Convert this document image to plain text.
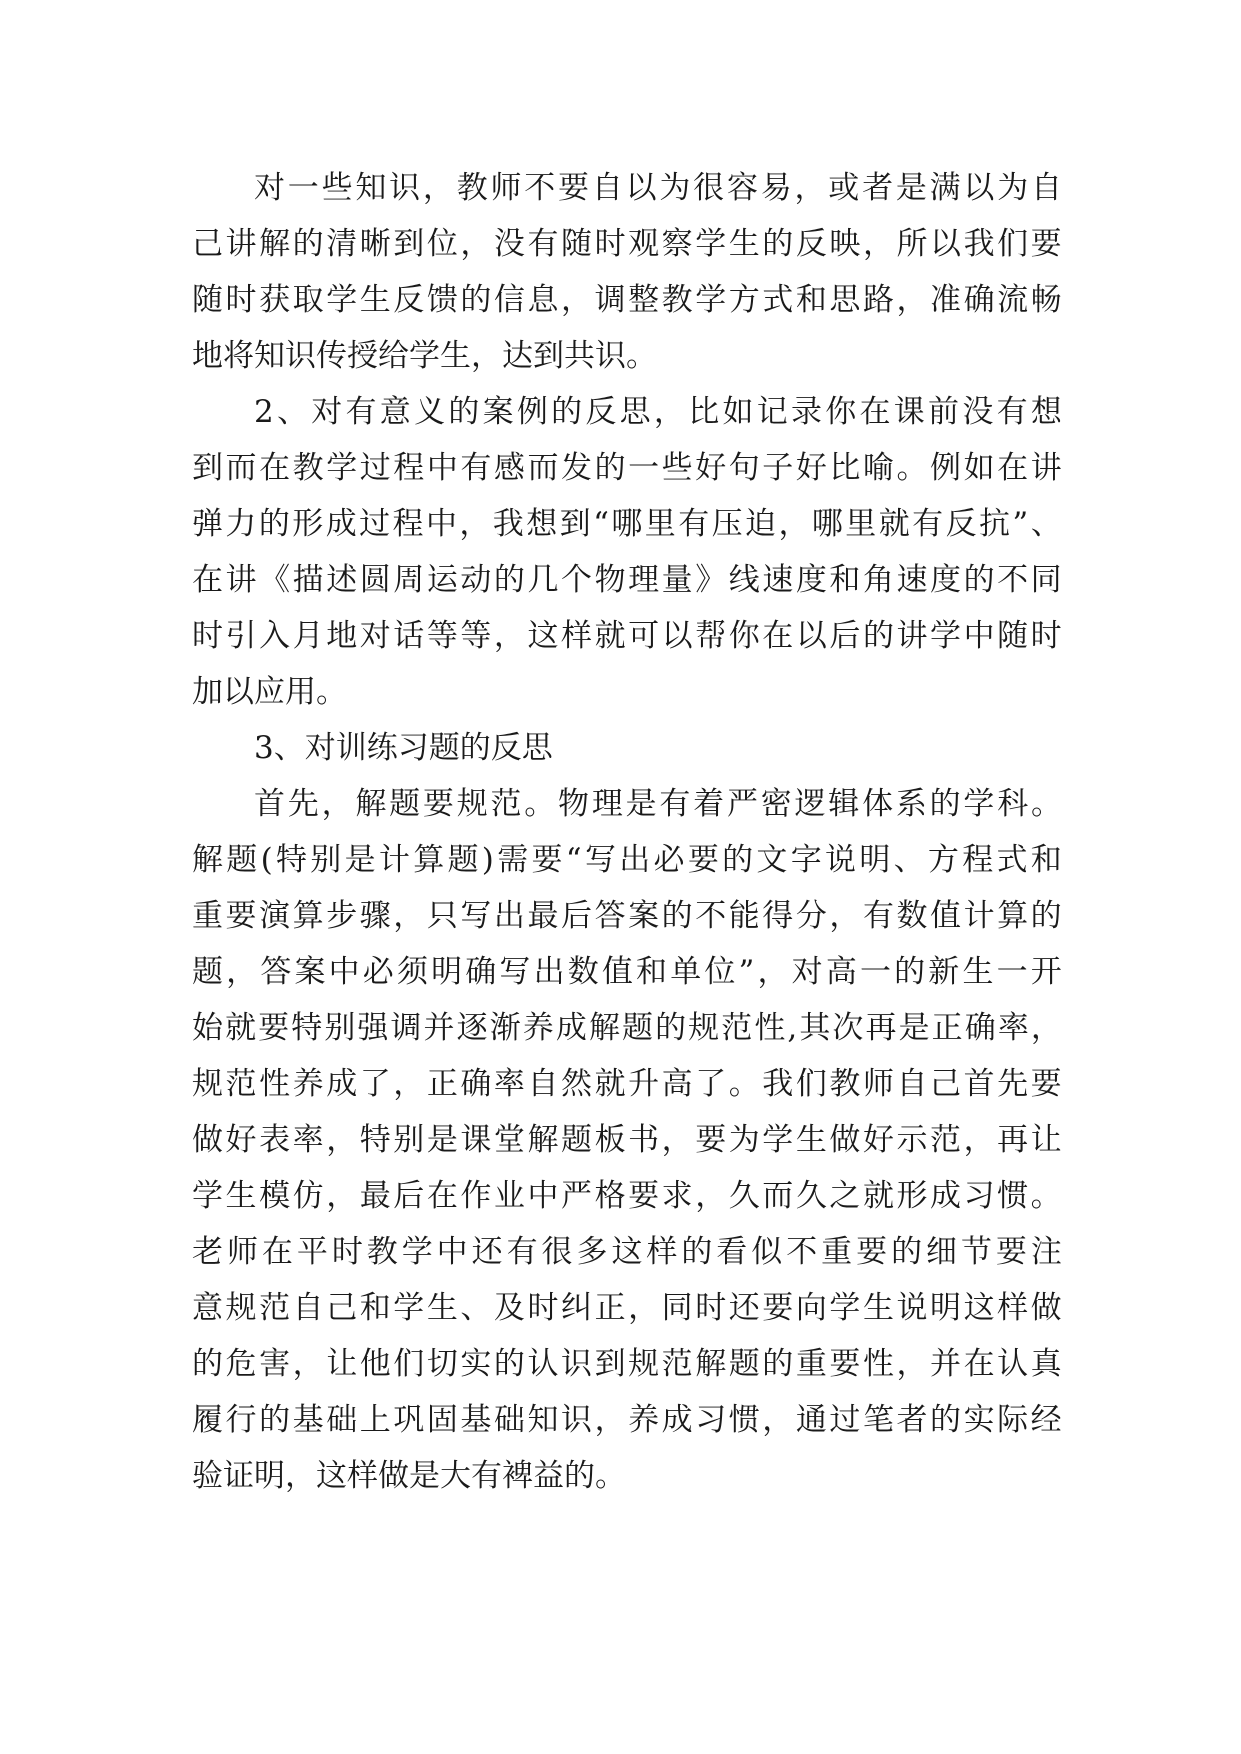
对 一 些 知 识 ， 教 师 不 要 自 以 为 很 容 易 ， 或 者 是 满 以 为 自
己 讲 解 的 清 晰 到 位 ， 没 有 随 时 观 察 学 生 的 反 映 ， 所 以 我 们 要
随 时 获 取 学 生 反 馈 的 信 息 ， 调 整 教 学 方 式 和 思 路 ， 准 确 流 畅
地 将 知 识 传 授 给 学 生 ， 达 到 共 识 。
2 、 对 有 意 义 的 案 例 的 反 思 ， 比 如 记 录 你 在 课 前 没 有 想
到 而 在 教 学 过 程 中 有 感 而 发 的 一 些 好 句 子 好 比 喻 。 例 如 在 讲
弹 力 的 形 成 过 程 中 ， 我 想 到 “ 哪 里 有 压 迫 ， 哪 里 就 有 反 抗 ” 、
在 讲 《 描 述 圆 周 运 动 的 几 个 物 理 量 》 线 速 度 和 角 速 度 的 不 同
时 引 入 月 地 对 话 等 等 ， 这 样 就 可 以 帮 你 在 以 后 的 讲 学 中 随 时
加 以 应 用 。
3 、 对 训 练 习 题 的 反 思
首 先 ， 解 题 要 规 范 。 物 理 是 有 着 严 密 逻 辑 体 系 的 学 科 。
解 题 ( 特 别 是 计 算 题 ) 需 要 “ 写 出 必 要 的 文 字 说 明 、 方 程 式 和
重 要 演 算 步 骤 ， 只 写 出 最 后 答 案 的 不 能 得 分 ， 有 数 值 计 算 的
题 ， 答 案 中 必 须 明 确 写 出 数 值 和 单 位 ” ， 对 高 一 的 新 生 一 开
始 就 要 特 别 强 调 并 逐 渐 养 成 解 题 的 规 范 性 , 其 次 再 是 正 确 率 ，
规 范 性 养 成 了 ， 正 确 率 自 然 就 升 高 了 。 我 们 教 师 自 己 首 先 要
做 好 表 率 ， 特 别 是 课 堂 解 题 板 书 ， 要 为 学 生 做 好 示 范 ， 再 让
学 生 模 仿 ， 最 后 在 作 业 中 严 格 要 求 ， 久 而 久 之 就 形 成 习 惯 。
老 师 在 平 时 教 学 中 还 有 很 多 这 样 的 看 似 不 重 要 的 细 节 要 注
意 规 范 自 己 和 学 生 、 及 时 纠 正 ， 同 时 还 要 向 学 生 说 明 这 样 做
的 危 害 ， 让 他 们 切 实 的 认 识 到 规 范 解 题 的 重 要 性 ， 并 在 认 真
履 行 的 基 础 上 巩 固 基 础 知 识 ， 养 成 习 惯 ， 通 过 笔 者 的 实 际 经
验 证 明 ， 这 样 做 是 大 有 裨 益 的 。
